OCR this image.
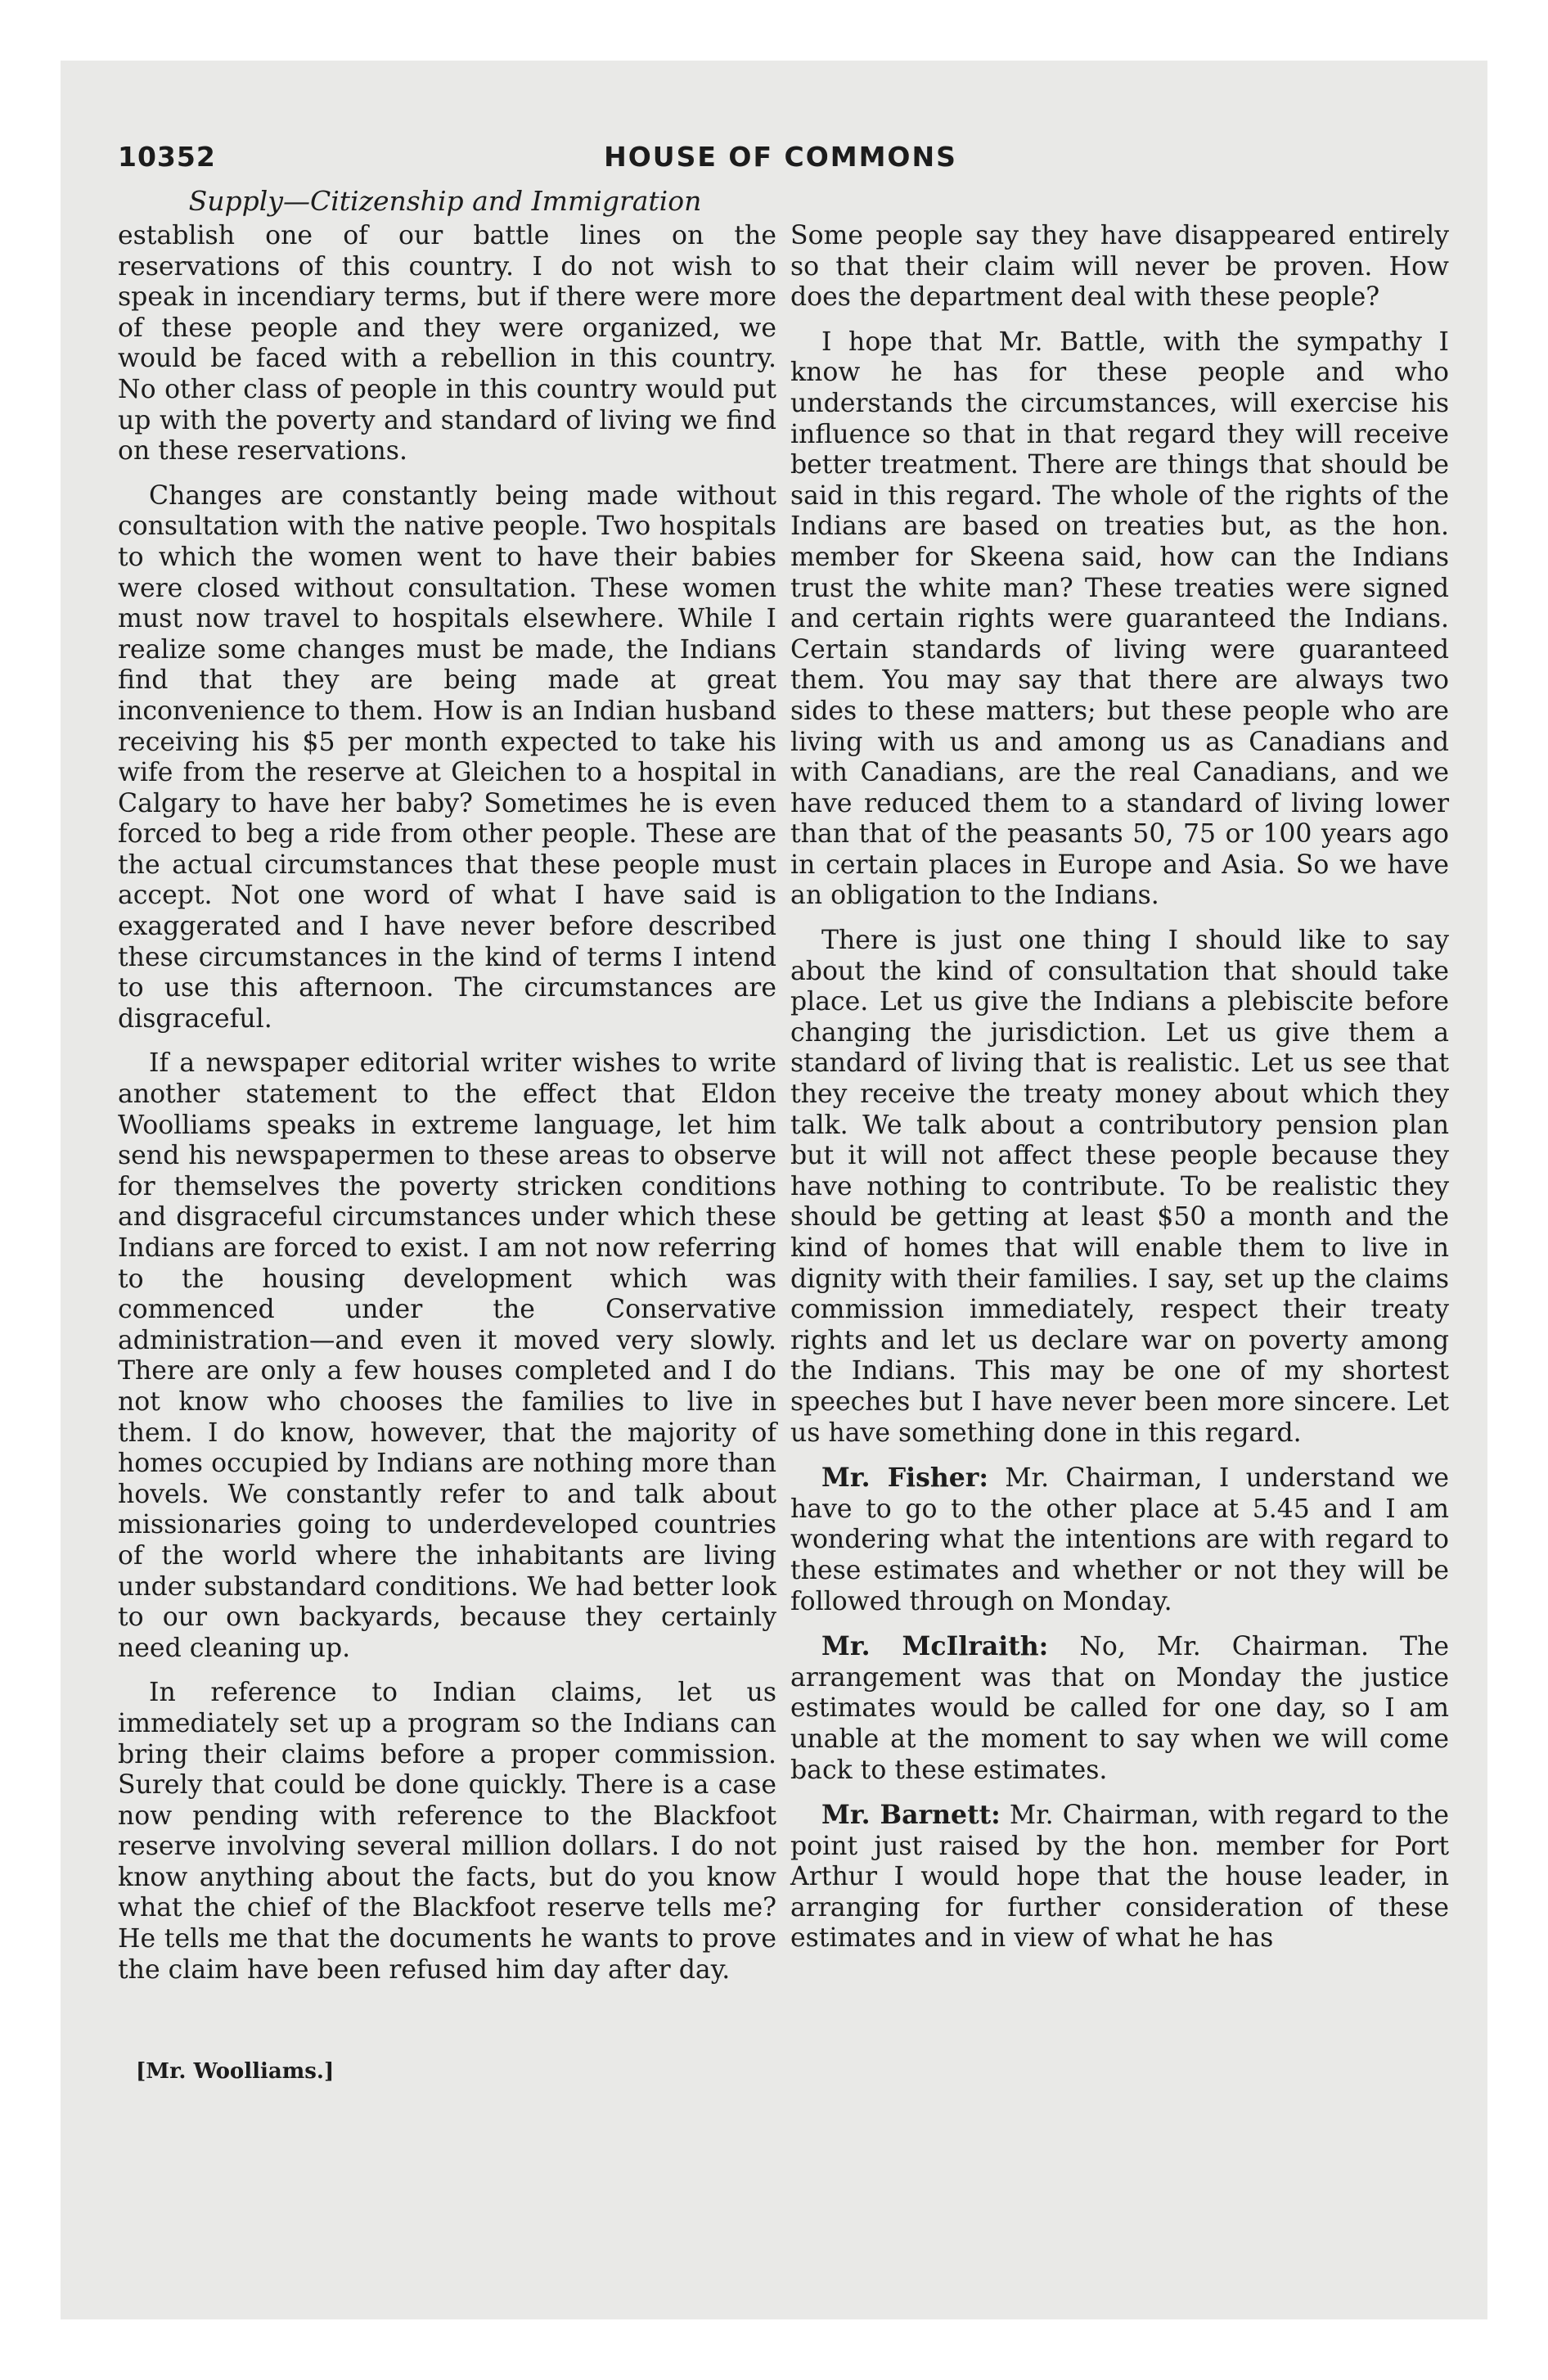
10352	HOUSE OF COMMONS
Supply—Citizenship and Immigration

establish one of our battle lines on the reservations of this country. I do not wish to speak in incendiary terms, but if there were more of these people and they were organized, we would be faced with a rebellion in this country. No other class of people in this country would put up with the poverty and standard of living we find on these reservations.

Changes are constantly being made without consultation with the native people. Two hospitals to which the women went to have their babies were closed without consultation. These women must now travel to hospitals elsewhere. While I realize some changes must be made, the Indians find that they are being made at great inconvenience to them. How is an Indian husband receiving his $5 per month expected to take his wife from the reserve at Gleichen to a hospital in Calgary to have her baby? Sometimes he is even forced to beg a ride from other people. These are the actual circumstances that these people must accept. Not one word of what I have said is exaggerated and I have never before described these circumstances in the kind of terms I intend to use this afternoon. The circumstances are disgraceful.

If a newspaper editorial writer wishes to write another statement to the effect that Eldon Woolliams speaks in extreme language, let him send his newspapermen to these areas to observe for themselves the poverty stricken conditions and disgraceful circumstances under which these Indians are forced to exist. I am not now referring to the housing development which was commenced under the Conservative administration—and even it moved very slowly. There are only a few houses completed and I do not know who chooses the families to live in them. I do know, however, that the majority of homes occupied by Indians are nothing more than hovels. We constantly refer to and talk about missionaries going to underdeveloped countries of the world where the inhabitants are living under substandard conditions. We had better look to our own backyards, because they certainly need cleaning up.

In reference to Indian claims, let us immediately set up a program so the Indians can bring their claims before a proper commission. Surely that could be done quickly. There is a case now pending with reference to the Blackfoot reserve involving several million dollars. I do not know anything about the facts, but do you know what the chief of the Blackfoot reserve tells me? He tells me that the documents he wants to prove the claim have been refused him day after day.

[Mr. Woolliams.]

Some people say they have disappeared entirely so that their claim will never be proven. How does the department deal with these people?

I hope that Mr. Battle, with the sympathy I know he has for these people and who understands the circumstances, will exercise his influence so that in that regard they will receive better treatment. There are things that should be said in this regard. The whole of the rights of the Indians are based on treaties but, as the hon. member for Skeena said, how can the Indians trust the white man? These treaties were signed and certain rights were guaranteed the Indians. Certain standards of living were guaranteed them. You may say that there are always two sides to these matters; but these people who are living with us and among us as Canadians and with Canadians, are the real Canadians, and we have reduced them to a standard of living lower than that of the peasants 50, 75 or 100 years ago in certain places in Europe and Asia. So we have an obligation to the Indians.

There is just one thing I should like to say about the kind of consultation that should take place. Let us give the Indians a plebiscite before changing the jurisdiction. Let us give them a standard of living that is realistic. Let us see that they receive the treaty money about which they talk. We talk about a contributory pension plan but it will not affect these people because they have nothing to contribute. To be realistic they should be getting at least $50 a month and the kind of homes that will enable them to live in dignity with their families. I say, set up the claims commission immediately, respect their treaty rights and let us declare war on poverty among the Indians. This may be one of my shortest speeches but I have never been more sincere. Let us have something done in this regard.

Mr. Fisher: Mr. Chairman, I understand we have to go to the other place at 5.45 and I am wondering what the intentions are with regard to these estimates and whether or not they will be followed through on Monday.

Mr. McIlraith: No, Mr. Chairman. The arrangement was that on Monday the justice estimates would be called for one day, so I am unable at the moment to say when we will come back to these estimates.

Mr. Barnett: Mr. Chairman, with regard to the point just raised by the hon. member for Port Arthur I would hope that the house leader, in arranging for further consideration of these estimates and in view of what he has
